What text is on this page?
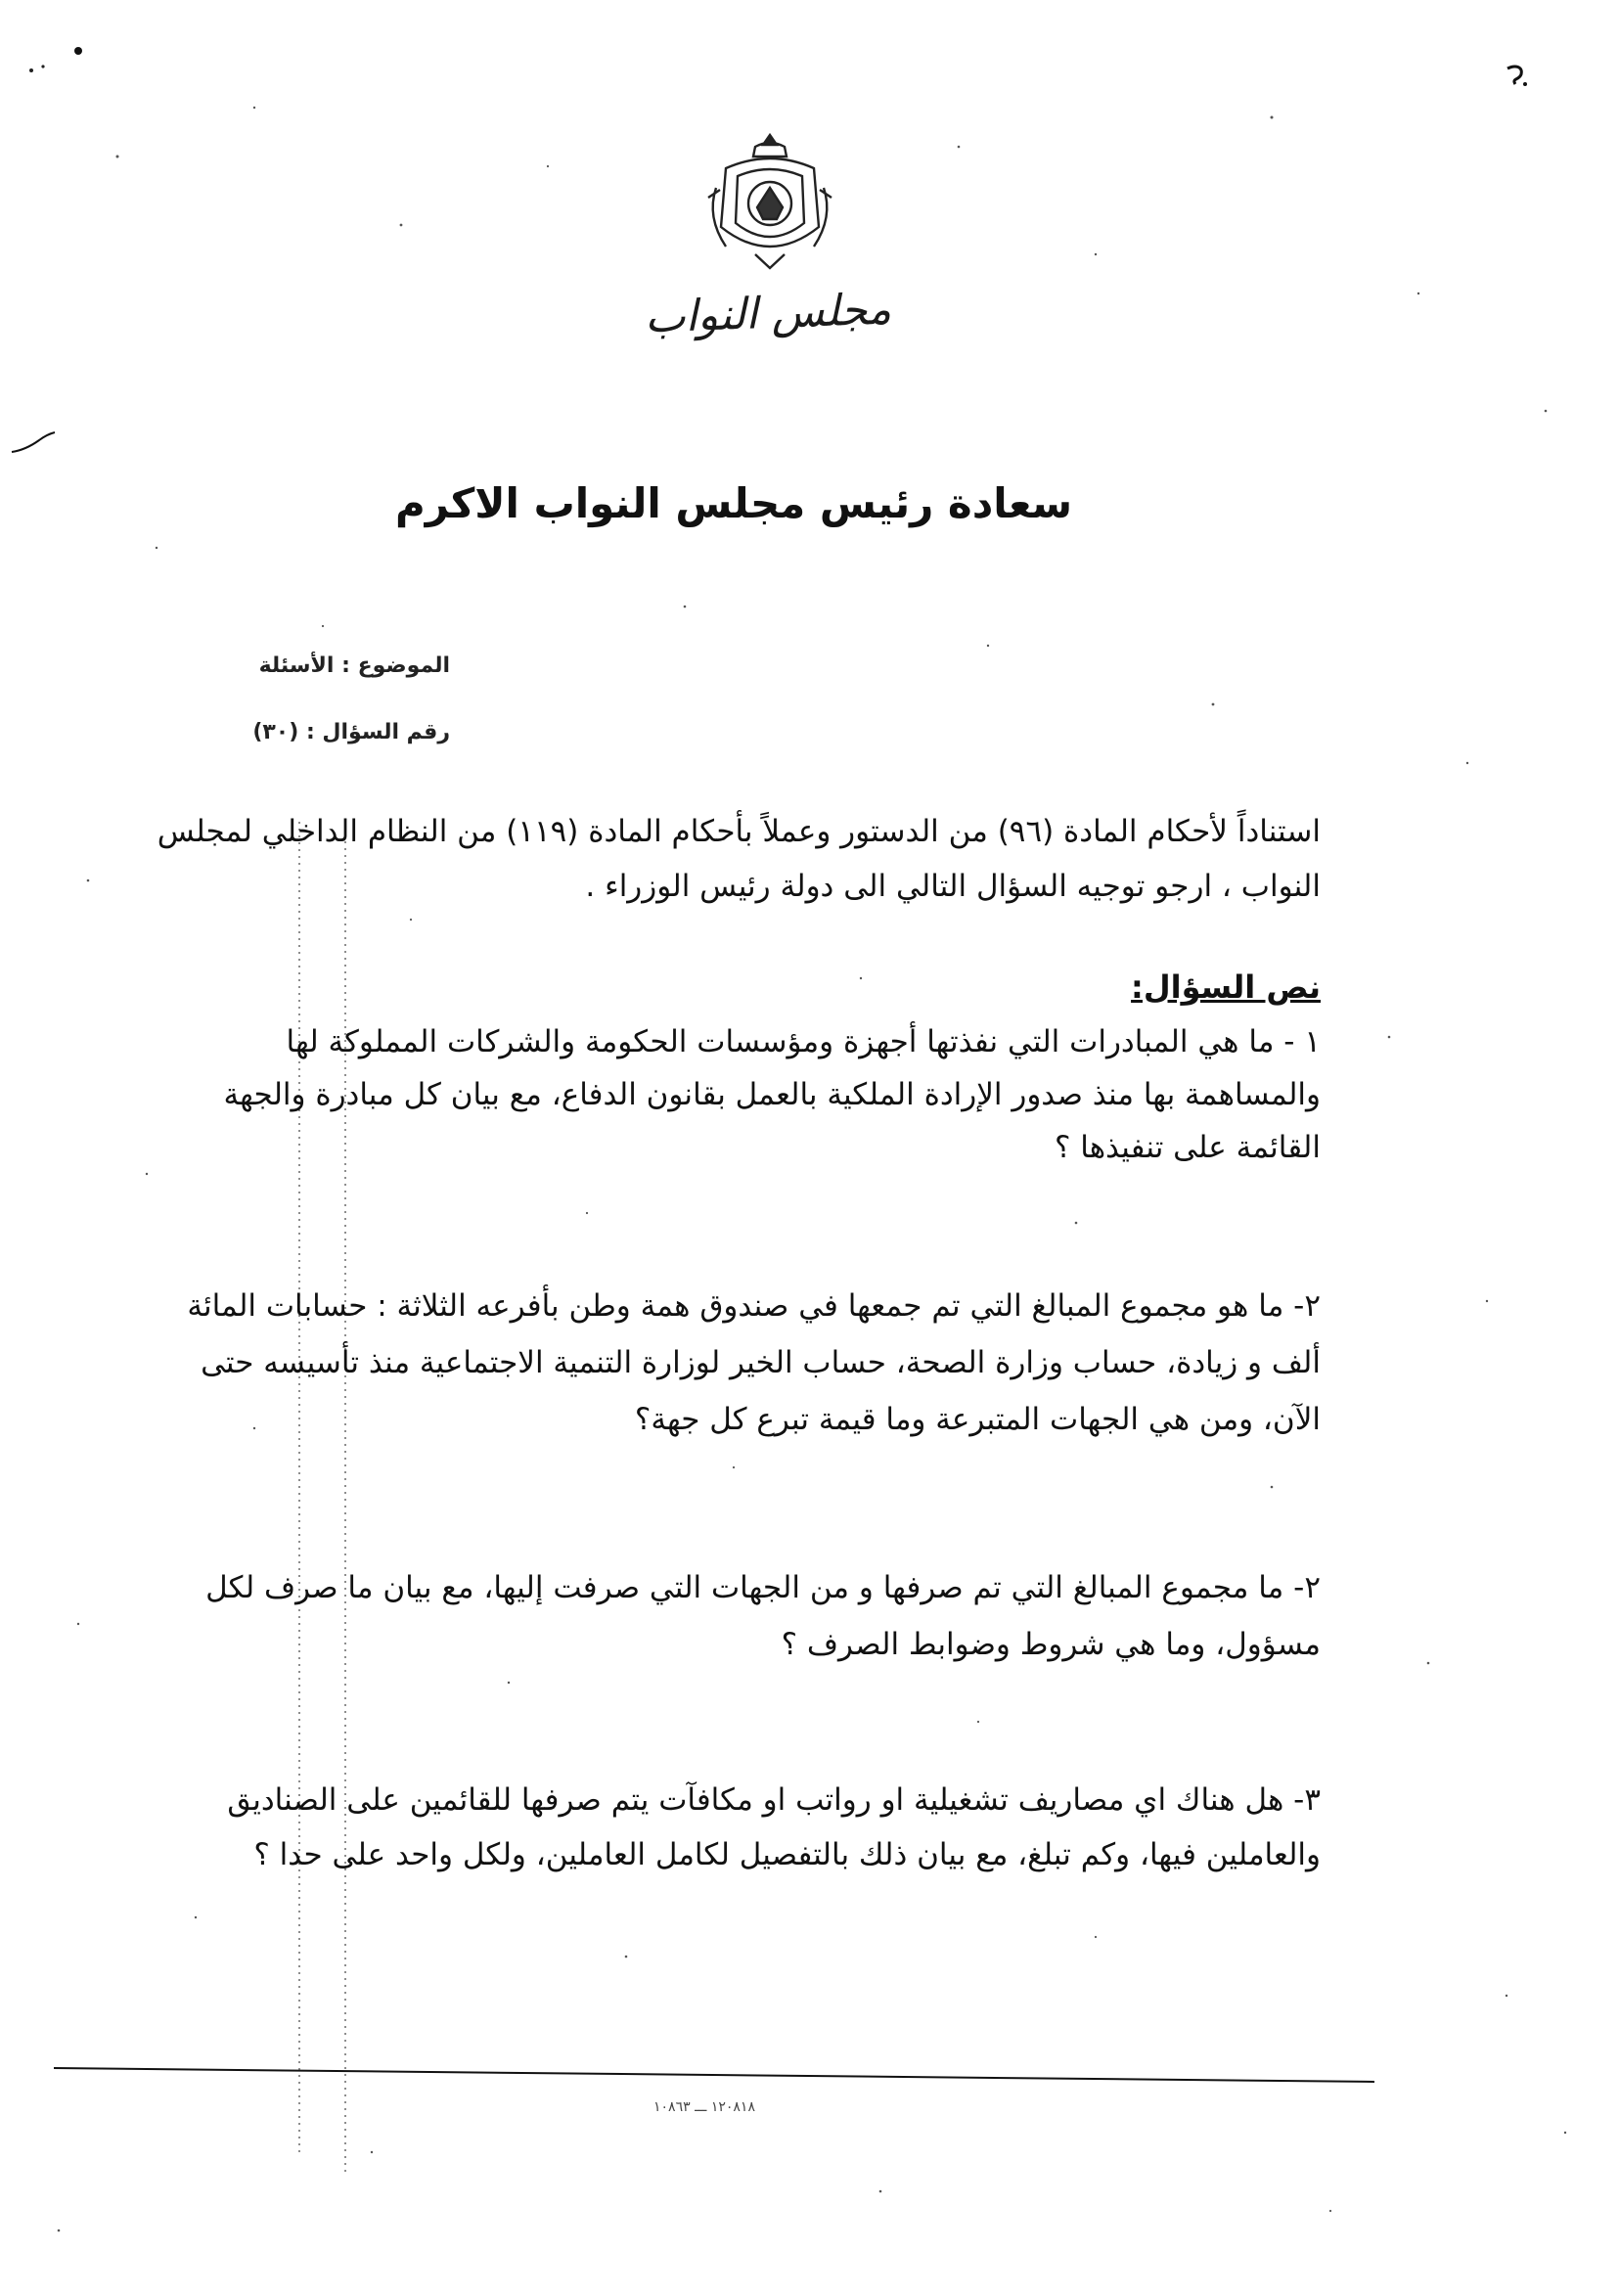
مجلس النواب
سعادة رئيس مجلس النواب الاكرم
الموضوع : الأسئلة
رقم السؤال : (٣٠)
استناداً لأحكام المادة (٩٦) من الدستور وعملاً بأحكام المادة (١١٩) من النظام الداخلي لمجلس النواب ، ارجو توجيه السؤال التالي الى دولة رئيس الوزراء .
نص السؤال:
١ - ما هي المبادرات التي نفذتها أجهزة ومؤسسات الحكومة والشركات المملوكة لها والمساهمة بها منذ صدور الإرادة الملكية بالعمل بقانون الدفاع، مع بيان كل مبادرة والجهة القائمة على تنفيذها ؟
٢- ما هو مجموع المبالغ التي تم جمعها في صندوق همة وطن بأفرعه الثلاثة : حسابات المائة ألف و زيادة، حساب وزارة الصحة، حساب الخير لوزارة التنمية الاجتماعية منذ تأسيسه حتى الآن، ومن هي الجهات المتبرعة وما قيمة تبرع كل جهة؟
٢- ما مجموع المبالغ التي تم صرفها و من الجهات التي صرفت إليها، مع بيان ما صرف لكل مسؤول، وما هي شروط وضوابط الصرف ؟
٣- هل هناك اي مصاريف تشغيلية او رواتب او مكافآت يتم صرفها للقائمين على الصناديق والعاملين فيها، وكم تبلغ، مع بيان ذلك بالتفصيل لكامل العاملين، ولكل واحد على حدا ؟
١٢٠٨١٨ ـــ ١٠٨٦٣
